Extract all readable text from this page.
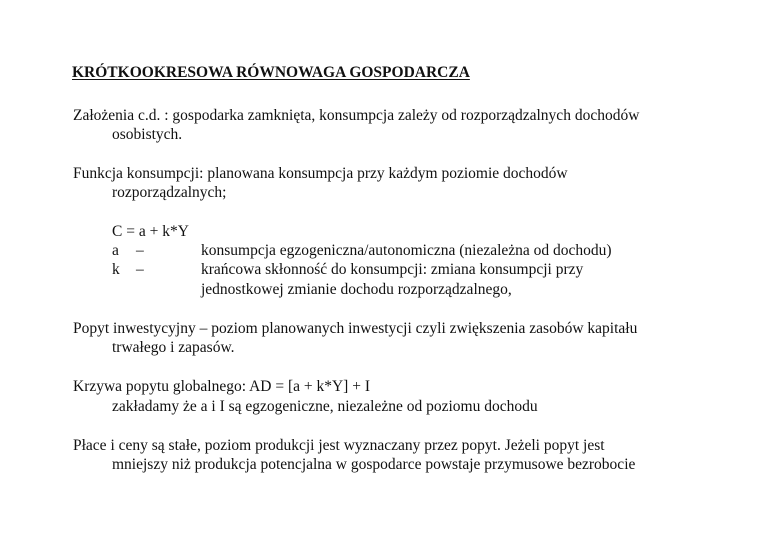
KRÓTKOOKRESOWA RÓWNOWAGA GOSPODARCZA
Założenia c.d. : gospodarka zamknięta, konsumpcja zależy od rozporządzalnych dochodów
osobistych.
Funkcja konsumpcji: planowana konsumpcja przy każdym poziomie dochodów
rozporządzalnych;
C = a + k*Y
a –	konsumpcja egzogeniczna/autonomiczna (niezależna od dochodu)
k –	krańcowa skłonność do konsumpcji: zmiana konsumpcji przy
jednostkowej zmianie dochodu rozporządzalnego,
Popyt inwestycyjny – poziom planowanych inwestycji czyli zwiększenia zasobów kapitału
trwałego i zapasów.
Krzywa popytu globalnego: AD = [a + k*Y] + I
zakładamy że a i I są egzogeniczne, niezależne od poziomu dochodu
Płace i ceny są stałe, poziom produkcji jest wyznaczany przez popyt. Jeżeli popyt jest
mniejszy niż produkcja potencjalna w gospodarce powstaje przymusowe bezrobocie
